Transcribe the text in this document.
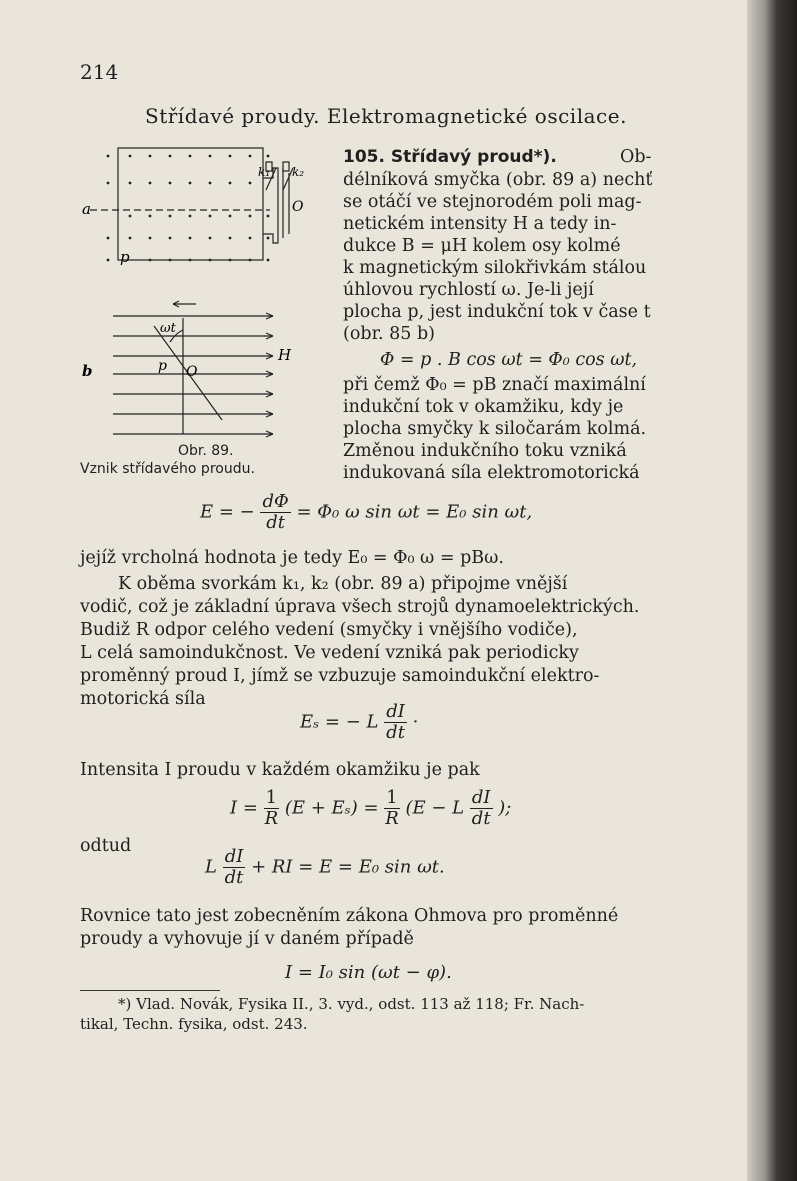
214
Střídavé proudy. Elektromagnetické oscilace.
a
p
k₁ k₂
O
b
ωt
p O
H
Obr. 89.
Vznik střídavého proudu.
105. Střídavý proud*).	Ob-
délníková smyčka (obr. 89 a) nechť
se otáčí ve stejnorodém poli mag-
netickém intensity H a tedy in-
dukce B = μH kolem osy kolmé
k magnetickým silokřivkám stálou
úhlovou rychlostí ω. Je-li její
plocha p, jest indukční tok v čase t
(obr. 85 b)
Φ = p . B cos ωt = Φ₀ cos ωt,
při čemž Φ₀ = pB značí maximální
indukční tok v okamžiku, kdy je
plocha smyčky k siločarám kolmá.
Změnou indukčního toku vzniká
indukovaná síla elektromotorická
E = − $\frac{d\Phi}{dt} = \Phi_0$ ω sin ωt = E₀ sin ωt,
jejíž vrcholná hodnota je tedy E₀ = Φ₀ ω = pBω.
K oběma svorkám k₁, k₂ (obr. 89 a) připojme vnější
vodič, což je základní úprava všech strojů dynamoelektrických.
Budiž R odpor celého vedení (smyčky i vnějšího vodiče),
L celá samoindukčnost. Ve vedení vzniká pak periodicky
proměnný proud I, jímž se vzbuzuje samoindukční elektro-
motorická síla
Eₛ = − L $\frac{dI}{dt}$ ·
Intensita I proudu v každém okamžiku je pak
$I = \frac{1}{R} (E + E_s) = \frac{1}{R} (E - L \frac{dI}{dt}$ );
odtud
L $\frac{dI}{dt}$ + RI = E = E₀ sin ωt.
Rovnice tato jest zobecněním zákona Ohmova pro proměnné
proudy a vyhovuje jí v daném případě
I = I₀ sin (ωt − φ).
*) Vlad. Novák, Fysika II., 3. vyd., odst. 113 až 118; Fr. Nach-
tikal, Techn. fysika, odst. 243.
